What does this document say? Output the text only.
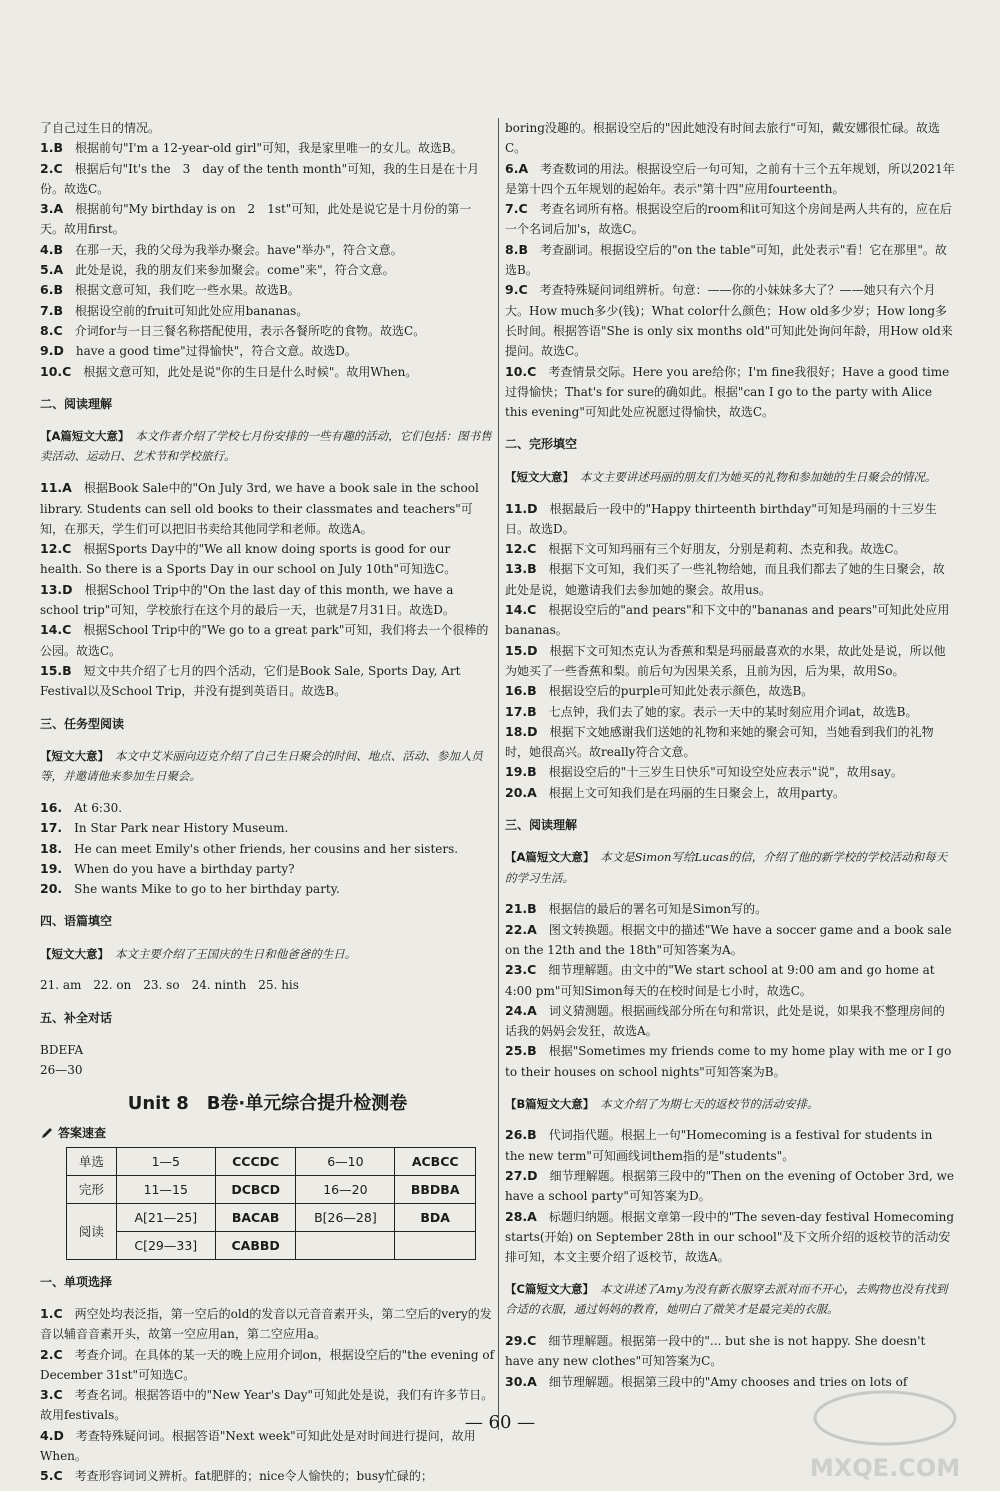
了自己过生日的情况。

1.B　 根据前句"I'm a 12-year-old girl"可知，我是家里唯一的女儿。故选B。

2.C　 根据后句"It's the　3　day of the tenth month"可知，我的生日是在十月份。故选C。

3.A　 根据前句"My birthday is on　2　1st"可知，此处是说它是十月份的第一天。故用first。

4.B　 在那一天，我的父母为我举办聚会。have"举办"，符合文意。

5.A　 此处是说，我的朋友们来参加聚会。come"来"，符合文意。

6.B　 根据文意可知，我们吃一些水果。故选B。

7.B　 根据设空前的fruit可知此处应用bananas。

8.C　 介词for与一日三餐名称搭配使用，表示各餐所吃的食物。故选C。

9.D　 have a good time"过得愉快"，符合文意。故选D。

10.C　 根据文意可知，此处是说"你的生日是什么时候"。故用When。

二、阅读理解

【A篇短文大意】　 本文作者介绍了学校七月份安排的一些有趣的活动，它们包括：图书售卖活动、运动日、艺术节和学校旅行。

11.A　 根据Book Sale中的"On July 3rd, we have a book sale in the school library. Students can sell old books to their classmates and teachers"可知，在那天，学生们可以把旧书卖给其他同学和老师。故选A。

12.C　 根据Sports Day中的"We all know doing sports is good for our health. So there is a Sports Day in our school on July 10th"可知选C。

13.D　 根据School Trip中的"On the last day of this month, we have a school trip"可知，学校旅行在这个月的最后一天，也就是7月31日。故选D。

14.C　 根据School Trip中的"We go to a great park"可知，我们将去一个很棒的公园。故选C。

15.B　 短文中共介绍了七月的四个活动，它们是Book Sale, Sports Day, Art Festival以及School Trip，并没有提到英语日。故选B。

三、任务型阅读

【短文大意】　 本文中艾米丽向迈克介绍了自己生日聚会的时间、地点、活动、参加人员等，并邀请他来参加生日聚会。

16.　 At 6:30.

17.　 In Star Park near History Museum.

18.　 He can meet Emily's other friends, her cousins and her sisters.

19.　 When do you have a birthday party?

20.　 She wants Mike to go to her birthday party.

四、语篇填空

【短文大意】　 本文主要介绍了王国庆的生日和他爸爸的生日。

21. am　22. on　23. so　24. ninth　25. his

五、补全对话

BDEFA

26—30

Unit 8　B卷·单元综合提升检测卷
答案速查
单选	1—5	CCCDC	6—10	ACBCC
完形	11—15	DCBCD	16—20	BBDBA
阅读	A[21—25]	BACAB	B[26—28]	BDA
	C[29—33]	CABBD		

一、单项选择

1.C　 两空处均表泛指，第一空后的old的发音以元音音素开头，第二空后的very的发音以辅音音素开头，故第一空应用an，第二空应用a。

2.C　 考查介词。在具体的某一天的晚上应用介词on，根据设空后的"the evening of December 31st"可知选C。

3.C　 考查名词。根据答语中的"New Year's Day"可知此处是说，我们有许多节日。故用festivals。

4.D　 考查特殊疑问词。根据答语"Next week"可知此处是对时间进行提问，故用When。

5.C　 考查形容词词义辨析。fat肥胖的；nice令人愉快的；busy忙碌的；

boring没趣的。根据设空后的"因此她没有时间去旅行"可知，戴安娜很忙碌。故选C。

6.A　 考查数词的用法。根据设空后一句可知，之前有十三个五年规划，所以2021年是第十四个五年规划的起始年。表示"第十四"应用fourteenth。

7.C　 考查名词所有格。根据设空后的room和it可知这个房间是两人共有的，应在后一个名词后加's，故选C。

8.B　 考查副词。根据设空后的"on the table"可知，此处表示"看！它在那里"。故选B。

9.C　 考查特殊疑问词组辨析。句意：——你的小妹妹多大了？——她只有六个月大。How much多少(钱)；What color什么颜色；How old多少岁；How long多长时间。根据答语"She is only six months old"可知此处询问年龄，用How old来提问。故选C。

10.C　 考查情景交际。Here you are给你；I'm fine我很好；Have a good time过得愉快；That's for sure的确如此。根据"can I go to the party with Alice this evening"可知此处应祝愿过得愉快，故选C。

二、完形填空

【短文大意】　 本文主要讲述玛丽的朋友们为她买的礼物和参加她的生日聚会的情况。

11.D　 根据最后一段中的"Happy thirteenth birthday"可知是玛丽的十三岁生日。故选D。

12.C　 根据下文可知玛丽有三个好朋友，分别是莉莉、杰克和我。故选C。

13.B　 根据下文可知，我们买了一些礼物给她，而且我们都去了她的生日聚会，故此处是说，她邀请我们去参加她的聚会。故用us。

14.C　 根据设空后的"and pears"和下文中的"bananas and pears"可知此处应用bananas。

15.D　 根据下文可知杰克认为香蕉和梨是玛丽最喜欢的水果，故此处是说，所以他为她买了一些香蕉和梨。前后句为因果关系，且前为因，后为果，故用So。

16.B　 根据设空后的purple可知此处表示颜色，故选B。

17.B　 七点钟，我们去了她的家。表示一天中的某时刻应用介词at，故选B。

18.D　 根据下文她感谢我们送她的礼物和来她的聚会可知，当她看到我们的礼物时，她很高兴。故really符合文意。

19.B　 根据设空后的"十三岁生日快乐"可知设空处应表示"说"，故用say。

20.A　 根据上文可知我们是在玛丽的生日聚会上，故用party。

三、阅读理解

【A篇短文大意】　 本文是Simon写给Lucas的信，介绍了他的新学校的学校活动和每天的学习生活。

21.B　 根据信的最后的署名可知是Simon写的。

22.A　 图文转换题。根据文中的描述"We have a soccer game and a book sale on the 12th and the 18th"可知答案为A。

23.C　 细节理解题。由文中的"We start school at 9:00 am and go home at 4:00 pm"可知Simon每天的在校时间是七小时，故选C。

24.A　 词义猜测题。根据画线部分所在句和常识，此处是说，如果我不整理房间的话我的妈妈会发狂，故选A。

25.B　 根据"Sometimes my friends come to my home play with me or I go to their houses on school nights"可知答案为B。

【B篇短文大意】　 本文介绍了为期七天的返校节的活动安排。

26.B　 代词指代题。根据上一句"Homecoming is a festival for students in the new term"可知画线词them指的是"students"。

27.D　 细节理解题。根据第三段中的"Then on the evening of October 3rd, we have a school party"可知答案为D。

28.A　 标题归纳题。根据文章第一段中的"The seven-day festival Homecoming starts(开始) on September 28th in our school"及下文所介绍的返校节的活动安排可知，本文主要介绍了返校节，故选A。

【C篇短文大意】　 本文讲述了Amy为没有新衣服穿去派对而不开心，去购物也没有找到合适的衣服，通过妈妈的教育，她明白了微笑才是最完美的衣服。

29.C　 细节理解题。根据第一段中的"... but she is not happy. She doesn't have any new clothes"可知答案为C。

30.A　 细节理解题。根据第三段中的"Amy chooses and tries on lots of

— 60 —
MXQE.COM
